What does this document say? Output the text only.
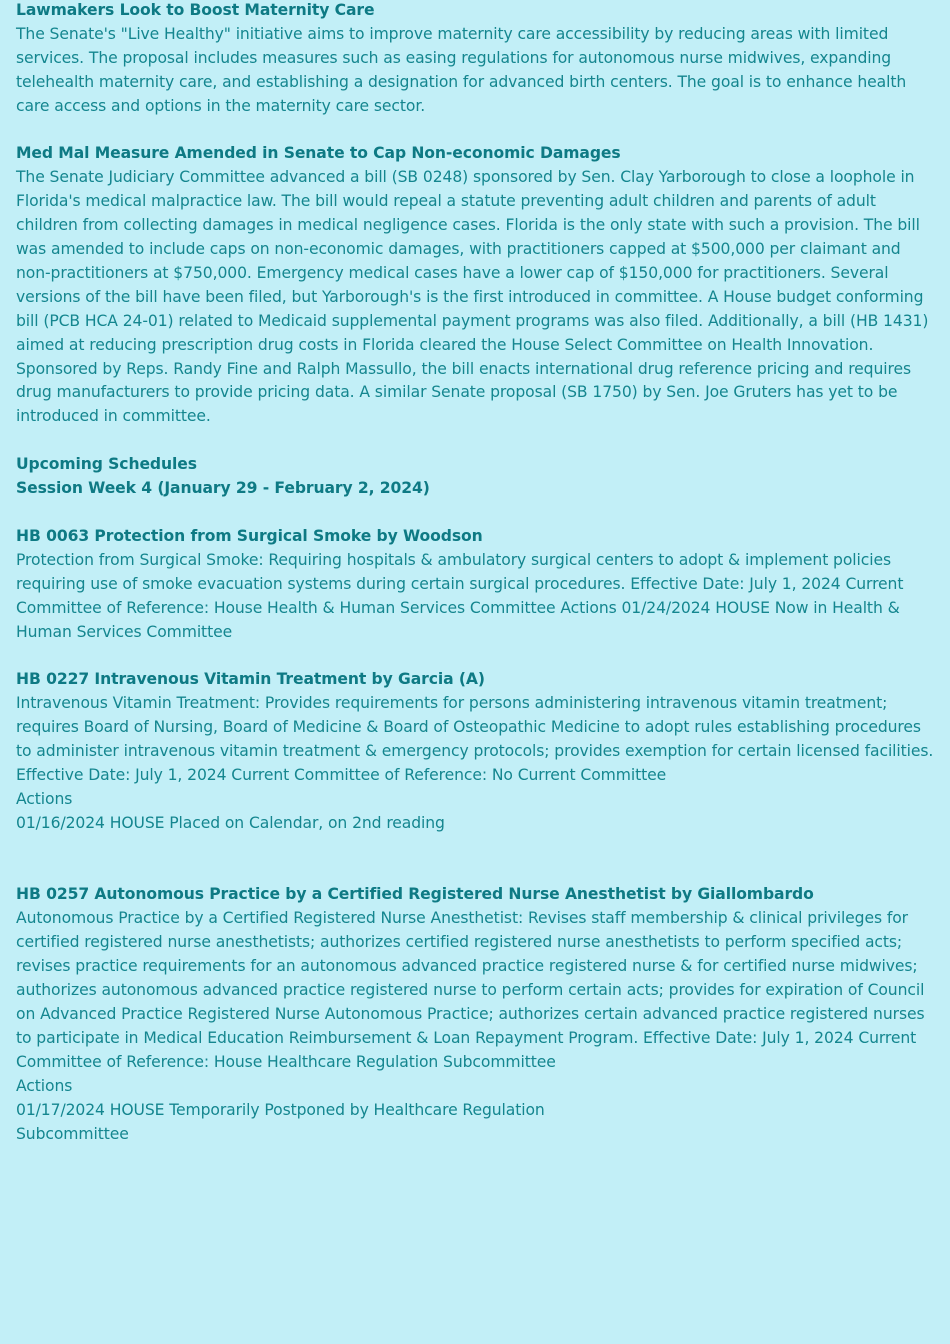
Lawmakers Look to Boost Maternity Care

The Senate's "Live Healthy" initiative aims to improve maternity care accessibility by reducing areas with limited services. The proposal includes measures such as easing regulations for autonomous nurse midwives, expanding telehealth maternity care, and establishing a designation for advanced birth centers. The goal is to enhance health care access and options in the maternity care sector.

Med Mal Measure Amended in Senate to Cap Non-economic Damages

The Senate Judiciary Committee advanced a bill (SB 0248) sponsored by Sen. Clay Yarborough to close a loophole in Florida's medical malpractice law. The bill would repeal a statute preventing adult children and parents of adult children from collecting damages in medical negligence cases. Florida is the only state with such a provision. The bill was amended to include caps on non-economic damages, with practitioners capped at $500,000 per claimant and non-practitioners at $750,000. Emergency medical cases have a lower cap of $150,000 for practitioners. Several versions of the bill have been filed, but Yarborough's is the first introduced in committee. A House budget conforming bill (PCB HCA 24-01) related to Medicaid supplemental payment programs was also filed. Additionally, a bill (HB 1431) aimed at reducing prescription drug costs in Florida cleared the House Select Committee on Health Innovation. Sponsored by Reps. Randy Fine and Ralph Massullo, the bill enacts international drug reference pricing and requires drug manufacturers to provide pricing data. A similar Senate proposal (SB 1750) by Sen. Joe Gruters has yet to be introduced in committee.

Upcoming Schedules

Session Week 4 (January 29 - February 2, 2024)

HB 0063 Protection from Surgical Smoke by Woodson

Protection from Surgical Smoke: Requiring hospitals & ambulatory surgical centers to adopt & implement policies requiring use of smoke evacuation systems during certain surgical procedures. Effective Date: July 1, 2024 Current Committee of Reference: House Health & Human Services Committee Actions 01/24/2024 HOUSE Now in Health & Human Services Committee

HB 0227 Intravenous Vitamin Treatment by Garcia (A)

Intravenous Vitamin Treatment: Provides requirements for persons administering intravenous vitamin treatment; requires Board of Nursing, Board of Medicine & Board of Osteopathic Medicine to adopt rules establishing procedures to administer intravenous vitamin treatment & emergency protocols; provides exemption for certain licensed facilities. Effective Date: July 1, 2024 Current Committee of Reference: No Current Committee

Actions

01/16/2024 HOUSE Placed on Calendar, on 2nd reading

HB 0257 Autonomous Practice by a Certified Registered Nurse Anesthetist by Giallombardo

Autonomous Practice by a Certified Registered Nurse Anesthetist: Revises staff membership & clinical privileges for certified registered nurse anesthetists; authorizes certified registered nurse anesthetists to perform specified acts; revises practice requirements for an autonomous advanced practice registered nurse & for certified nurse midwives; authorizes autonomous advanced practice registered nurse to perform certain acts; provides for expiration of Council on Advanced Practice Registered Nurse Autonomous Practice; authorizes certain advanced practice registered nurses to participate in Medical Education Reimbursement & Loan Repayment Program. Effective Date: July 1, 2024 Current Committee of Reference: House Healthcare Regulation Subcommittee

Actions

01/17/2024 HOUSE Temporarily Postponed by Healthcare Regulation

Subcommittee
